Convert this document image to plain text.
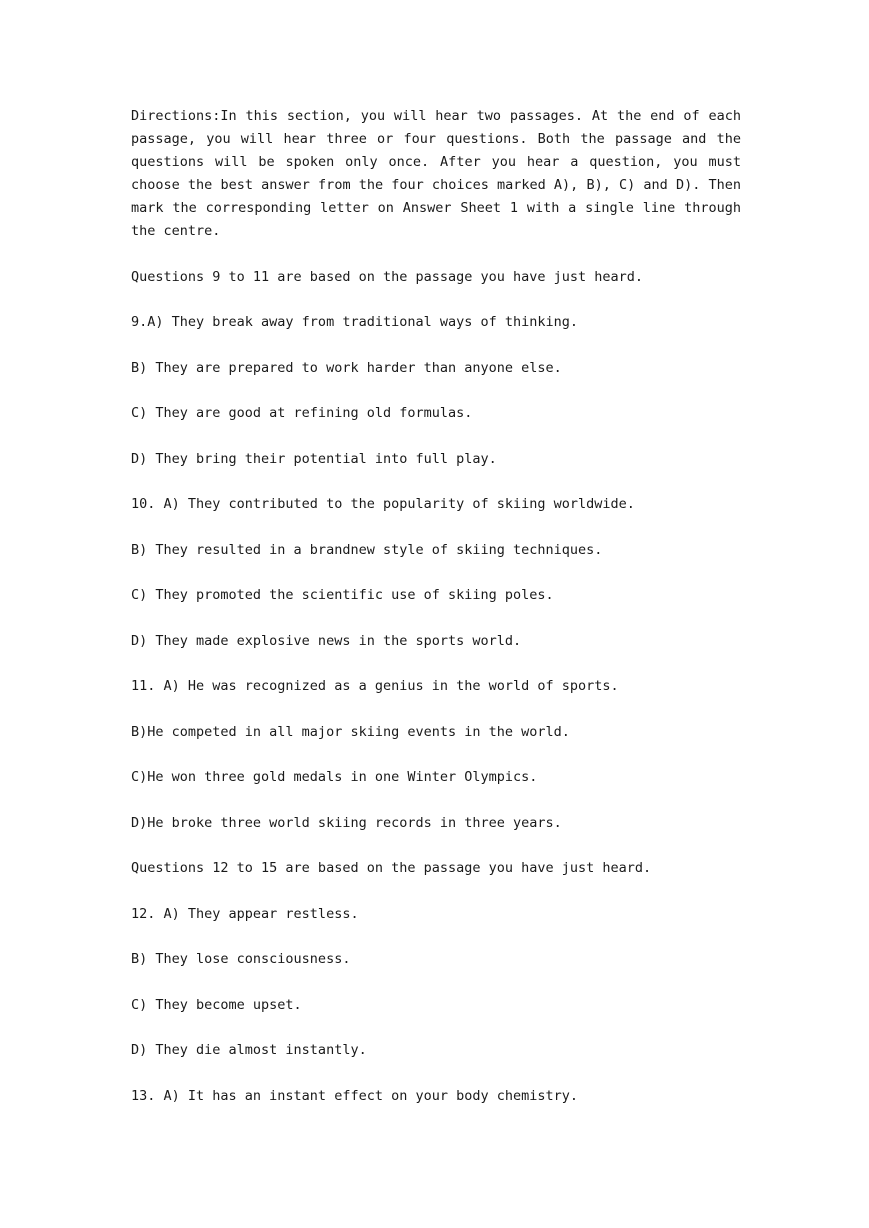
Directions:In this section, you will hear two passages. At the end of each passage, you will hear three or four questions. Both the passage and the questions will be spoken only once. After you hear a question, you must choose the best answer from the four choices marked A), B), C) and D). Then mark the corresponding letter on Answer Sheet 1 with a single line through the centre.

Questions 9 to 11 are based on the passage you have just heard.

9.A) They break away from traditional ways of thinking.

B) They are prepared to work harder than anyone else.

C) They are good at refining old formulas.

D) They bring their potential into full play.

10. A) They contributed to the popularity of skiing worldwide.

B) They resulted in a brandnew style of skiing techniques.

C) They promoted the scientific use of skiing poles.

D) They made explosive news in the sports world.

11. A) He was recognized as a genius in the world of sports.

B)He competed in all major skiing events in the world.

C)He won three gold medals in one Winter Olympics.

D)He broke three world skiing records in three years.

Questions 12 to 15 are based on the passage you have just heard.

12. A) They appear restless.

B) They lose consciousness.

C) They become upset.

D) They die almost instantly.

13. A) It has an instant effect on your body chemistry.
